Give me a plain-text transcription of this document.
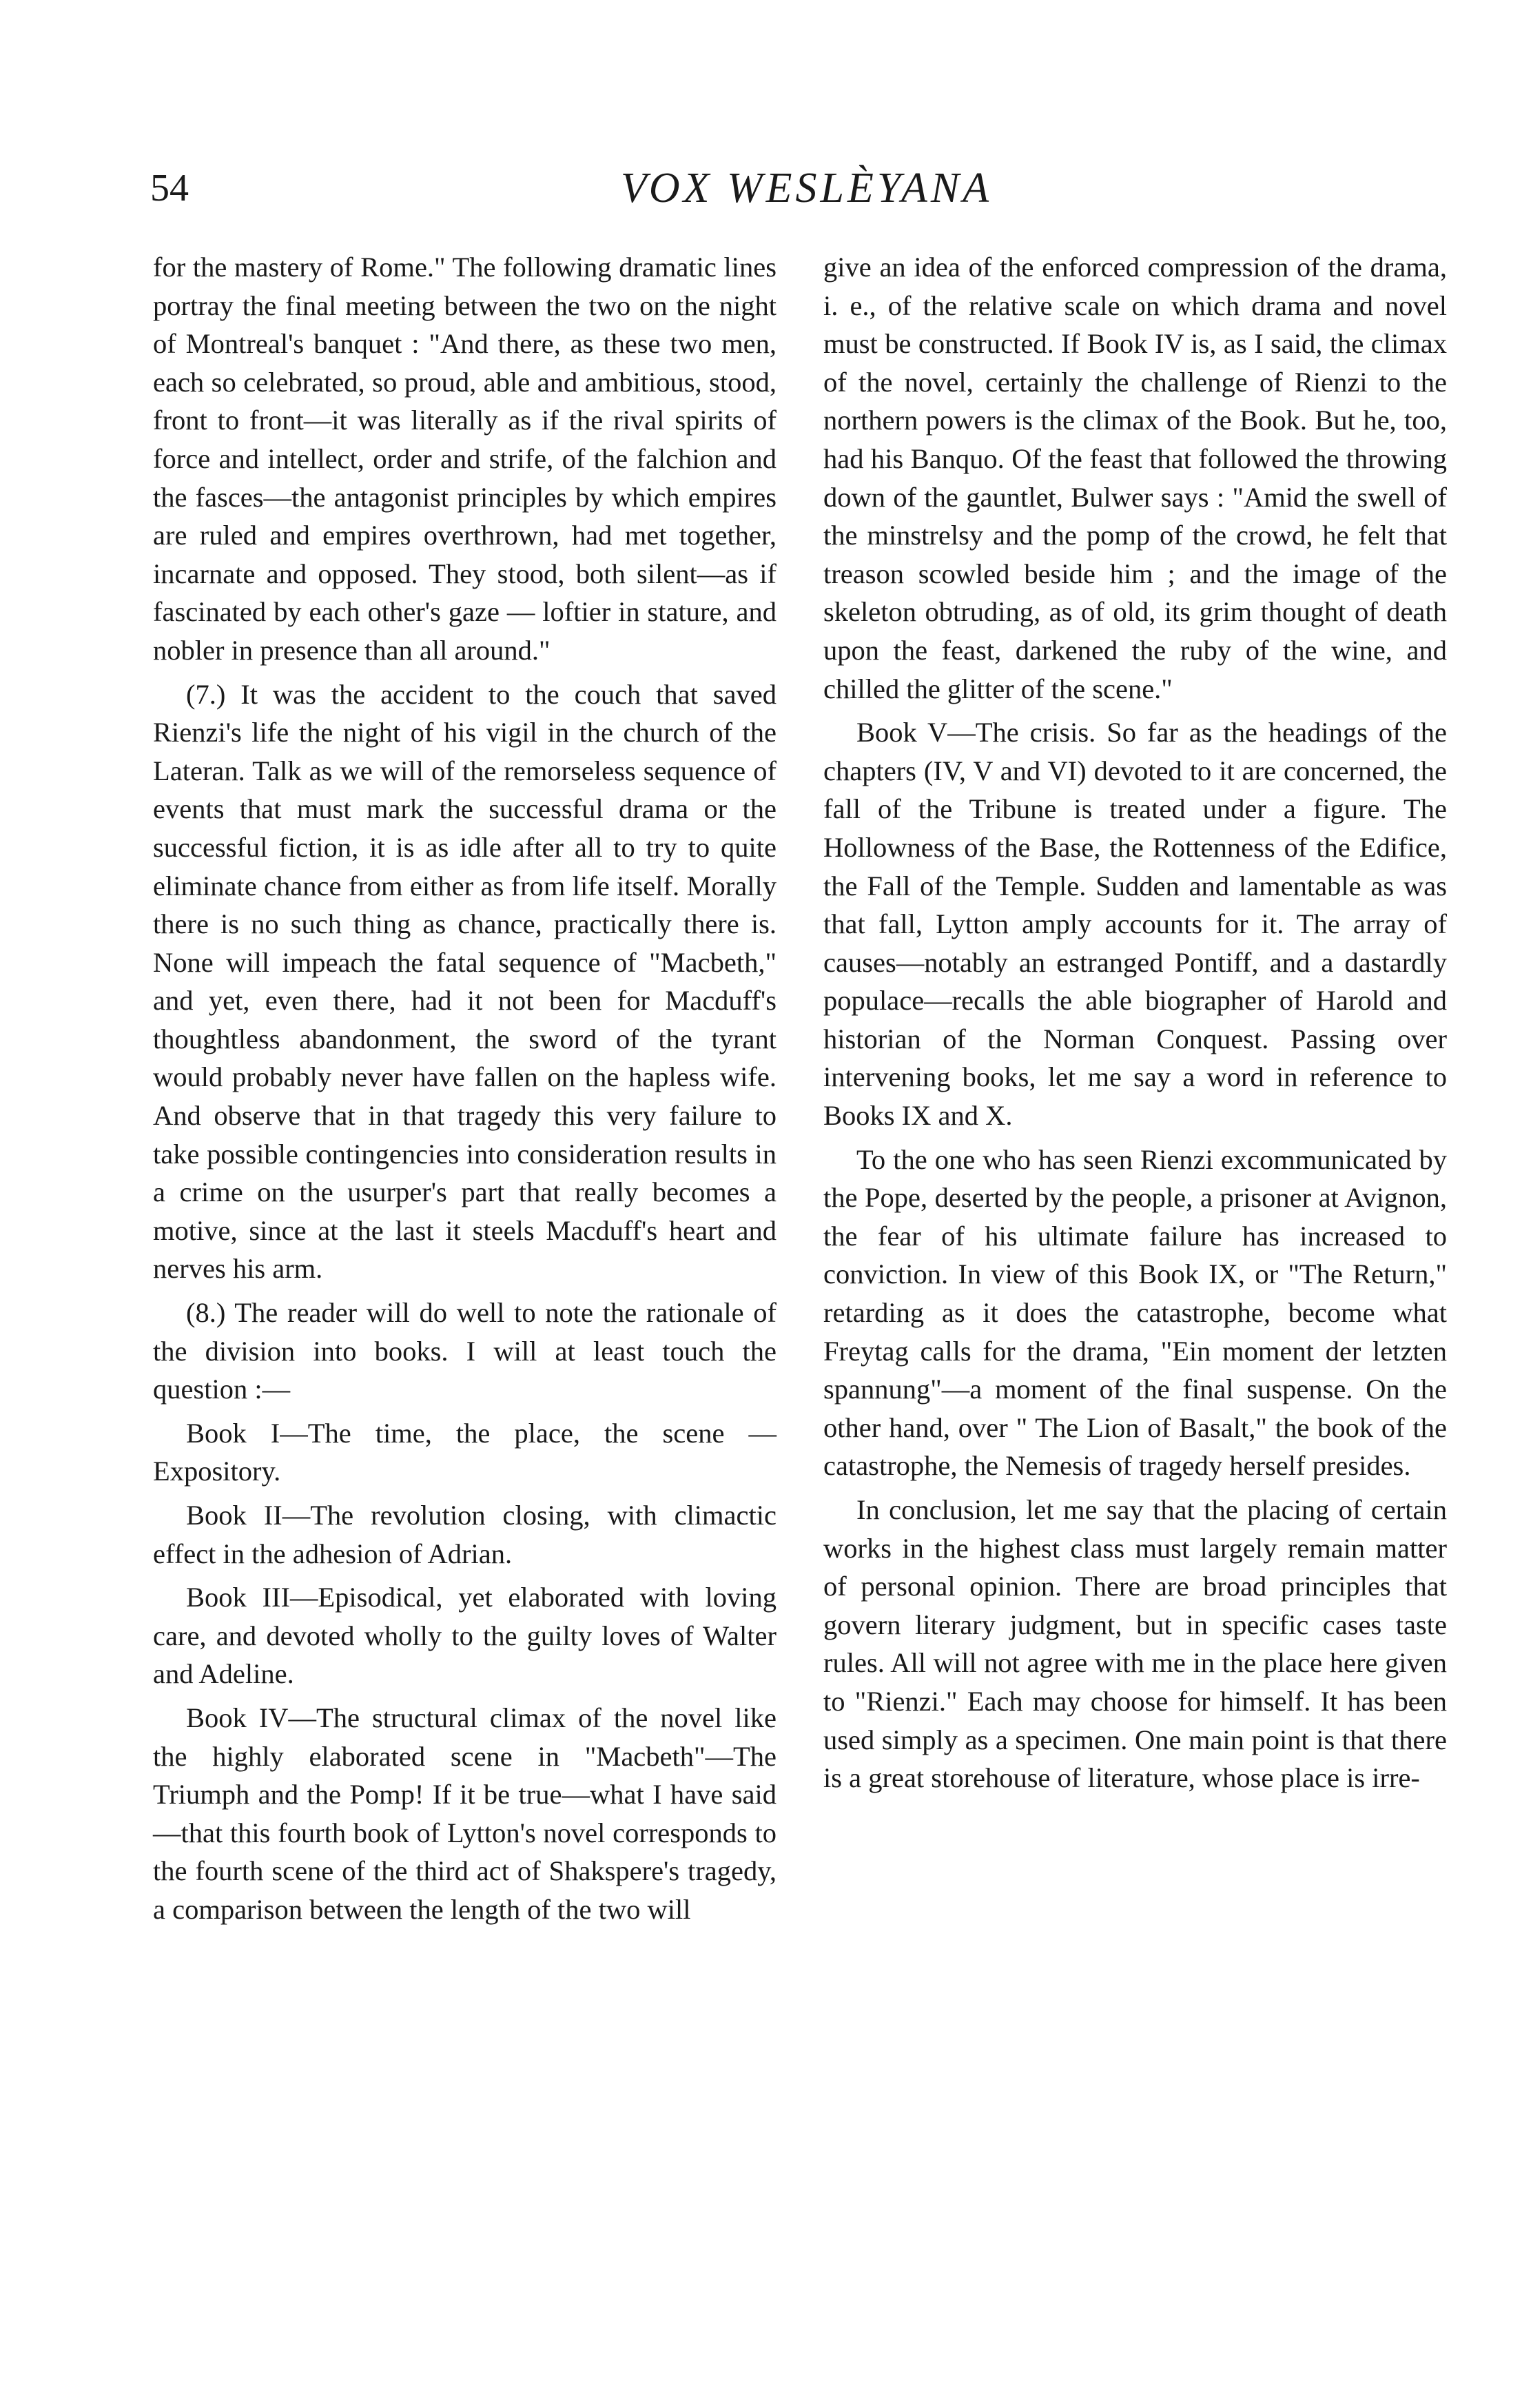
54	VOX WESLÈYANA

for the mastery of Rome." The following dramatic lines portray the final meeting between the two on the night of Montreal's banquet : "And there, as these two men, each so celebrated, so proud, able and ambitious, stood, front to front—it was literally as if the rival spirits of force and intellect, order and strife, of the falchion and the fasces—the antagonist principles by which empires are ruled and empires overthrown, had met together, incarnate and opposed. They stood, both silent—as if fascinated by each other's gaze — loftier in stature, and nobler in presence than all around."

(7.) It was the accident to the couch that saved Rienzi's life the night of his vigil in the church of the Lateran. Talk as we will of the remorseless sequence of events that must mark the successful drama or the successful fiction, it is as idle after all to try to quite eliminate chance from either as from life itself. Morally there is no such thing as chance, practically there is. None will impeach the fatal sequence of "Macbeth," and yet, even there, had it not been for Macduff's thoughtless abandonment, the sword of the tyrant would probably never have fallen on the hapless wife. And observe that in that tragedy this very failure to take possible contingencies into consideration results in a crime on the usurper's part that really becomes a motive, since at the last it steels Macduff's heart and nerves his arm.

(8.) The reader will do well to note the rationale of the division into books. I will at least touch the question :—

Book I—The time, the place, the scene —Expository.

Book II—The revolution closing, with climactic effect in the adhesion of Adrian.

Book III—Episodical, yet elaborated with loving care, and devoted wholly to the guilty loves of Walter and Adeline.

Book IV—The structural climax of the novel like the highly elaborated scene in "Macbeth"—The Triumph and the Pomp! If it be true—what I have said—that this fourth book of Lytton's novel corresponds to the fourth scene of the third act of Shakspere's tragedy, a comparison between the length of the two will

give an idea of the enforced compression of the drama, i. e., of the relative scale on which drama and novel must be constructed. If Book IV is, as I said, the climax of the novel, certainly the challenge of Rienzi to the northern powers is the climax of the Book. But he, too, had his Banquo. Of the feast that followed the throwing down of the gauntlet, Bulwer says : "Amid the swell of the minstrelsy and the pomp of the crowd, he felt that treason scowled beside him ; and the image of the skeleton obtruding, as of old, its grim thought of death upon the feast, darkened the ruby of the wine, and chilled the glitter of the scene."

Book V—The crisis. So far as the headings of the chapters (IV, V and VI) devoted to it are concerned, the fall of the Tribune is treated under a figure. The Hollowness of the Base, the Rottenness of the Edifice, the Fall of the Temple. Sudden and lamentable as was that fall, Lytton amply accounts for it. The array of causes—notably an estranged Pontiff, and a dastardly populace—recalls the able biographer of Harold and historian of the Norman Conquest. Passing over intervening books, let me say a word in reference to Books IX and X.

To the one who has seen Rienzi excommunicated by the Pope, deserted by the people, a prisoner at Avignon, the fear of his ultimate failure has increased to conviction. In view of this Book IX, or "The Return," retarding as it does the catastrophe, become what Freytag calls for the drama, "Ein moment der letzten spannung"—a moment of the final suspense. On the other hand, over " The Lion of Basalt," the book of the catastrophe, the Nemesis of tragedy herself presides.

In conclusion, let me say that the placing of certain works in the highest class must largely remain matter of personal opinion. There are broad principles that govern literary judgment, but in specific cases taste rules. All will not agree with me in the place here given to "Rienzi." Each may choose for himself. It has been used simply as a specimen. One main point is that there is a great storehouse of literature, whose place is irre-
